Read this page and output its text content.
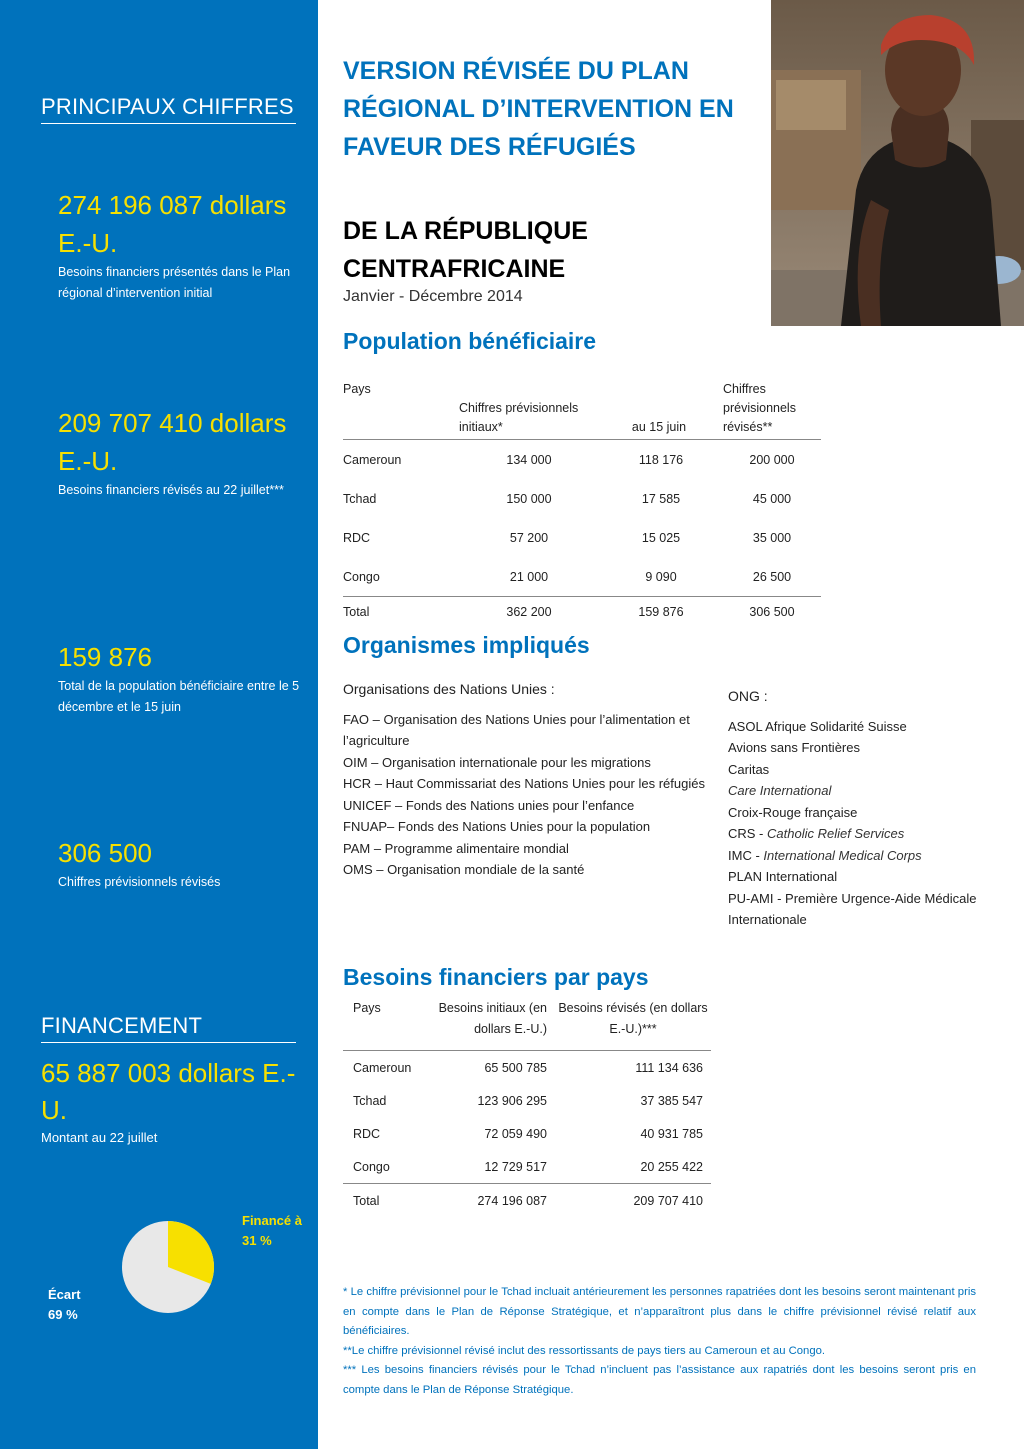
PRINCIPAUX CHIFFRES
274 196 087 dollars E.-U.
Besoins financiers présentés dans le Plan régional d’intervention initial
209 707 410 dollars E.-U.
Besoins financiers révisés au 22 juillet***
159 876
Total de la population bénéficiaire entre le 5 décembre et le 15 juin
306 500
Chiffres prévisionnels révisés
FINANCEMENT
65 887 003 dollars E.-U.
Montant au 22 juillet
Financé à 31 %
Écart 69 %
VERSION RÉVISÉE DU PLAN RÉGIONAL D’INTERVENTION EN FAVEUR DES RÉFUGIÉS
DE LA RÉPUBLIQUE CENTRAFRICAINE
Janvier - Décembre 2014
Population bénéficiaire
Pays	Chiffres prévisionnels initiaux*	au 15 juin	Chiffres prévisionnels révisés**
Cameroun	134 000	118 176	200 000
Tchad	150 000	17 585	45 000
RDC	57 200	15 025	35 000
Congo	21 000	9 090	26 500
Total	362 200	159 876	306 500
Organismes impliqués
Organisations des Nations Unies :
FAO – Organisation des Nations Unies pour l’alimentation et l’agriculture
OIM – Organisation internationale pour les migrations
HCR – Haut Commissariat des Nations Unies pour les réfugiés
UNICEF – Fonds des Nations unies pour l’enfance
FNUAP– Fonds des Nations Unies pour la population
PAM – Programme alimentaire mondial
OMS – Organisation mondiale de la santé
ONG :
ASOL Afrique Solidarité Suisse
Avions sans Frontières
Caritas
Care International
Croix-Rouge française
CRS - Catholic Relief Services
IMC - International Medical Corps
PLAN International
PU-AMI - Première Urgence-Aide Médicale Internationale
Besoins financiers par pays
Pays	Besoins initiaux (en dollars E.-U.)	Besoins révisés (en dollars E.-U.)***
Cameroun	65 500 785	111 134 636
Tchad	123 906 295	37 385 547
RDC	72 059 490	40 931 785
Congo	12 729 517	20 255 422
Total	274 196 087	209 707 410

* Le chiffre prévisionnel pour le Tchad incluait antérieurement les personnes rapatriées dont les besoins seront maintenant pris en compte dans le Plan de Réponse Stratégique, et n’apparaîtront plus dans le chiffre prévisionnel révisé relatif aux bénéficiaires.

**Le chiffre prévisionnel révisé inclut des ressortissants de pays tiers au Cameroun et au Congo.

*** Les besoins financiers révisés pour le Tchad n’incluent pas l’assistance aux rapatriés dont les besoins seront pris en compte dans le Plan de Réponse Stratégique.
